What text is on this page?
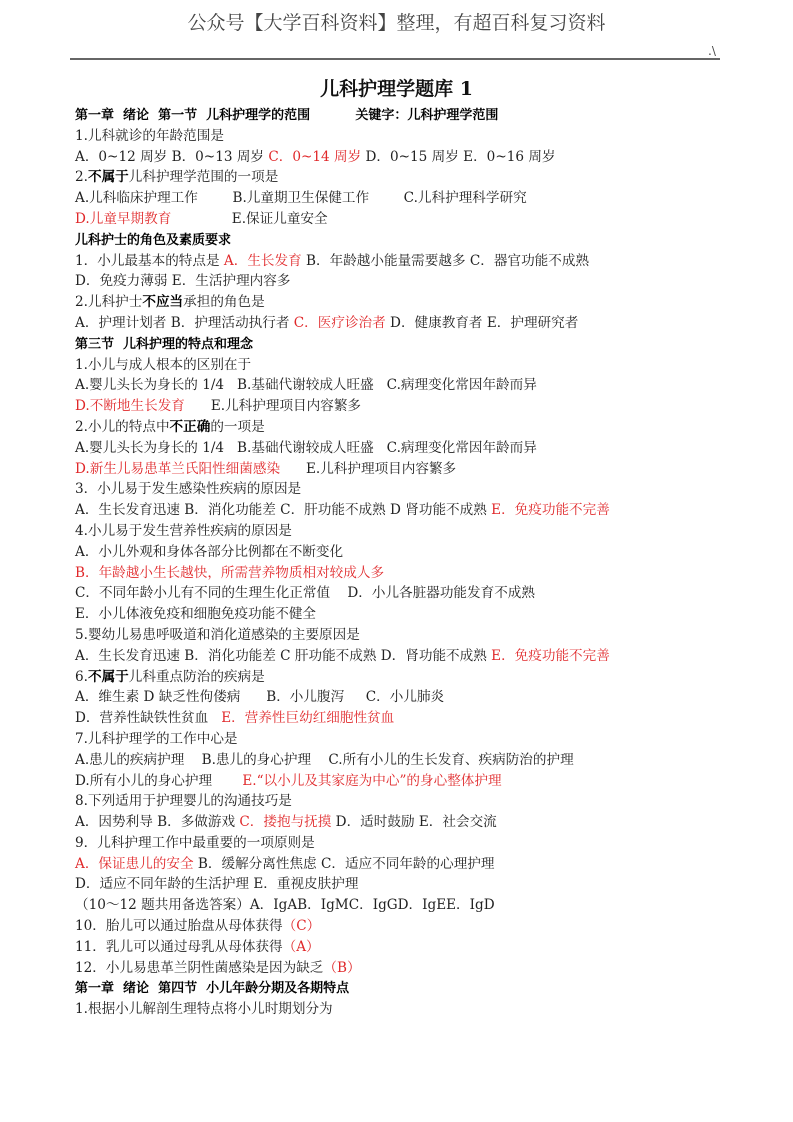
公众号【大学百科资料】整理，有超百科复习资料
.\
儿科护理学题库 1
第一章  绪论  第一节  儿科护理学的范围          关键字：儿科护理学范围
1.儿科就诊的年龄范围是
A．0~12 周岁 B．0~13 周岁 C．0~14 周岁 D．0~15 周岁 E．0~16 周岁
2.不属于儿科护理学范围的一项是
A.儿科临床护理工作        B.儿童期卫生保健工作        C.儿科护理科学研究
D.儿童早期教育              E.保证儿童安全
儿科护士的角色及素质要求
1．小儿最基本的特点是 A．生长发育 B．年龄越小能量需要越多 C．器官功能不成熟
D．免疫力薄弱 E．生活护理内容多
2.儿科护士不应当承担的角色是
A．护理计划者 B．护理活动执行者 C．医疗诊治者 D．健康教育者 E．护理研究者
第三节  儿科护理的特点和理念
1.小儿与成人根本的区别在于
A.婴儿头长为身长的 1/4   B.基础代谢较成人旺盛   C.病理变化常因年龄而异
D.不断地生长发育      E.儿科护理项目内容繁多
2.小儿的特点中不正确的一项是
A.婴儿头长为身长的 1/4   B.基础代谢较成人旺盛   C.病理变化常因年龄而异
D.新生儿易患革兰氏阳性细菌感染      E.儿科护理项目内容繁多
3．小儿易于发生感染性疾病的原因是
A．生长发育迅速 B．消化功能差 C．肝功能不成熟 D 肾功能不成熟 E．免疫功能不完善
4.小儿易于发生营养性疾病的原因是
A．小儿外观和身体各部分比例都在不断变化
B．年龄越小生长越快，所需营养物质相对较成人多
C．不同年龄小儿有不同的生理生化正常值    D．小儿各脏器功能发育不成熟
E．小儿体液免疫和细胞免疫功能不健全
5.婴幼儿易患呼吸道和消化道感染的主要原因是
A．生长发育迅速 B．消化功能差 C 肝功能不成熟 D．肾功能不成熟 E．免疫功能不完善
6.不属于儿科重点防治的疾病是
A．维生素 D 缺乏性佝偻病      B．小儿腹泻     C．小儿肺炎
D．营养性缺铁性贫血   E．营养性巨幼红细胞性贫血
7.儿科护理学的工作中心是
A.患儿的疾病护理    B.患儿的身心护理    C.所有小儿的生长发育、疾病防治的护理
D.所有小儿的身心护理       E.“以小儿及其家庭为中心”的身心整体护理
8.下列适用于护理婴儿的沟通技巧是
A．因势利导 B．多做游戏 C．搂抱与抚摸 D．适时鼓励 E．社会交流
9．儿科护理工作中最重要的一项原则是
A．保证患儿的安全 B．缓解分离性焦虑 C．适应不同年龄的心理护理
D．适应不同年龄的生活护理 E．重视皮肤护理
（10～12 题共用备选答案）A．IgAB．IgMC．IgGD．IgEE．IgD
10．胎儿可以通过胎盘从母体获得（C）
11．乳儿可以通过母乳从母体获得（A）
12．小儿易患革兰阴性菌感染是因为缺乏（B）
第一章  绪论  第四节  小儿年龄分期及各期特点
1.根据小儿解剖生理特点将小儿时期划分为
